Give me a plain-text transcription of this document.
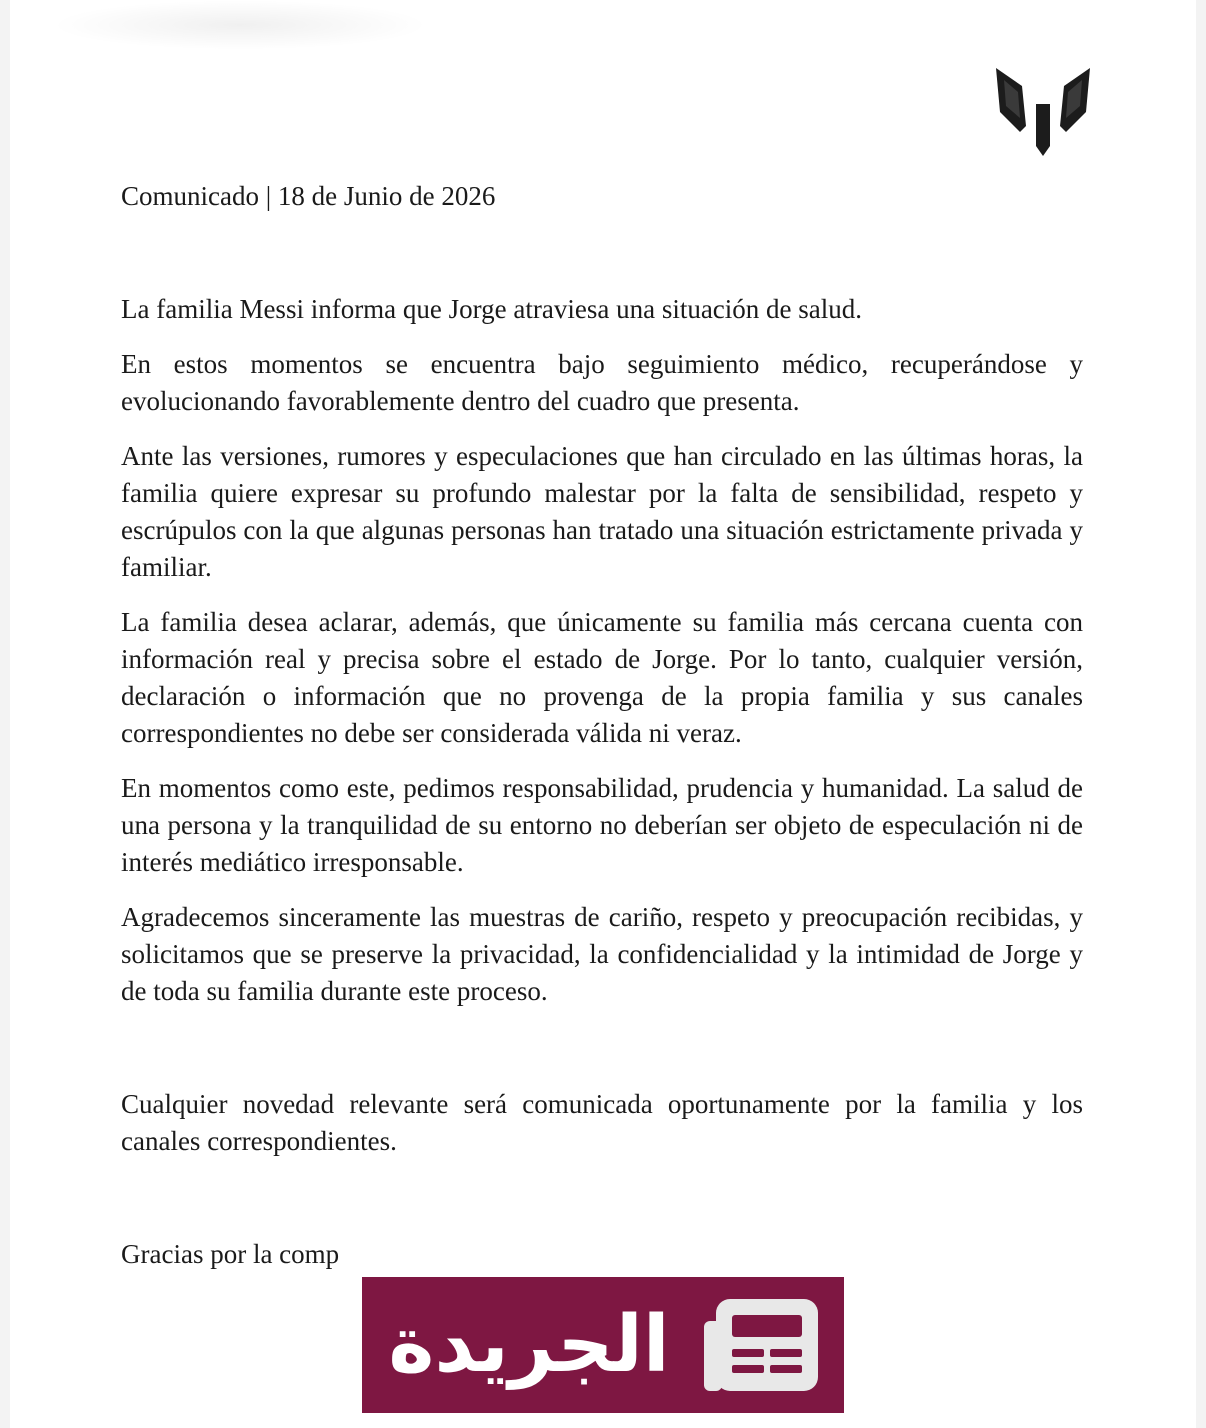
Comunicado | 18 de Junio de 2026

La familia Messi informa que Jorge atraviesa una situación de salud.

En estos momentos se encuentra bajo seguimiento médico, recuperándose y evolucionando favorablemente dentro del cuadro que presenta.

Ante las versiones, rumores y especulaciones que han circulado en las últimas horas, la familia quiere expresar su profundo malestar por la falta de sensibilidad, respeto y escrúpulos con la que algunas personas han tratado una situación estrictamente privada y familiar.

La familia desea aclarar, además, que únicamente su familia más cercana cuenta con información real y precisa sobre el estado de Jorge. Por lo tanto, cualquier versión, declaración o información que no provenga de la propia familia y sus canales correspondientes no debe ser considerada válida ni veraz.

En momentos como este, pedimos responsabilidad, prudencia y humanidad. La salud de una persona y la tranquilidad de su entorno no deberían ser objeto de especulación ni de interés mediático irresponsable.

Agradecemos sinceramente las muestras de cariño, respeto y preocupación recibidas, y solicitamos que se preserve la privacidad, la confidencialidad y la intimidad de Jorge y de toda su familia durante este proceso.

Cualquier novedad relevante será comunicada oportunamente por la familia y los canales correspondientes.

Gracias por la comp

الجريدة
